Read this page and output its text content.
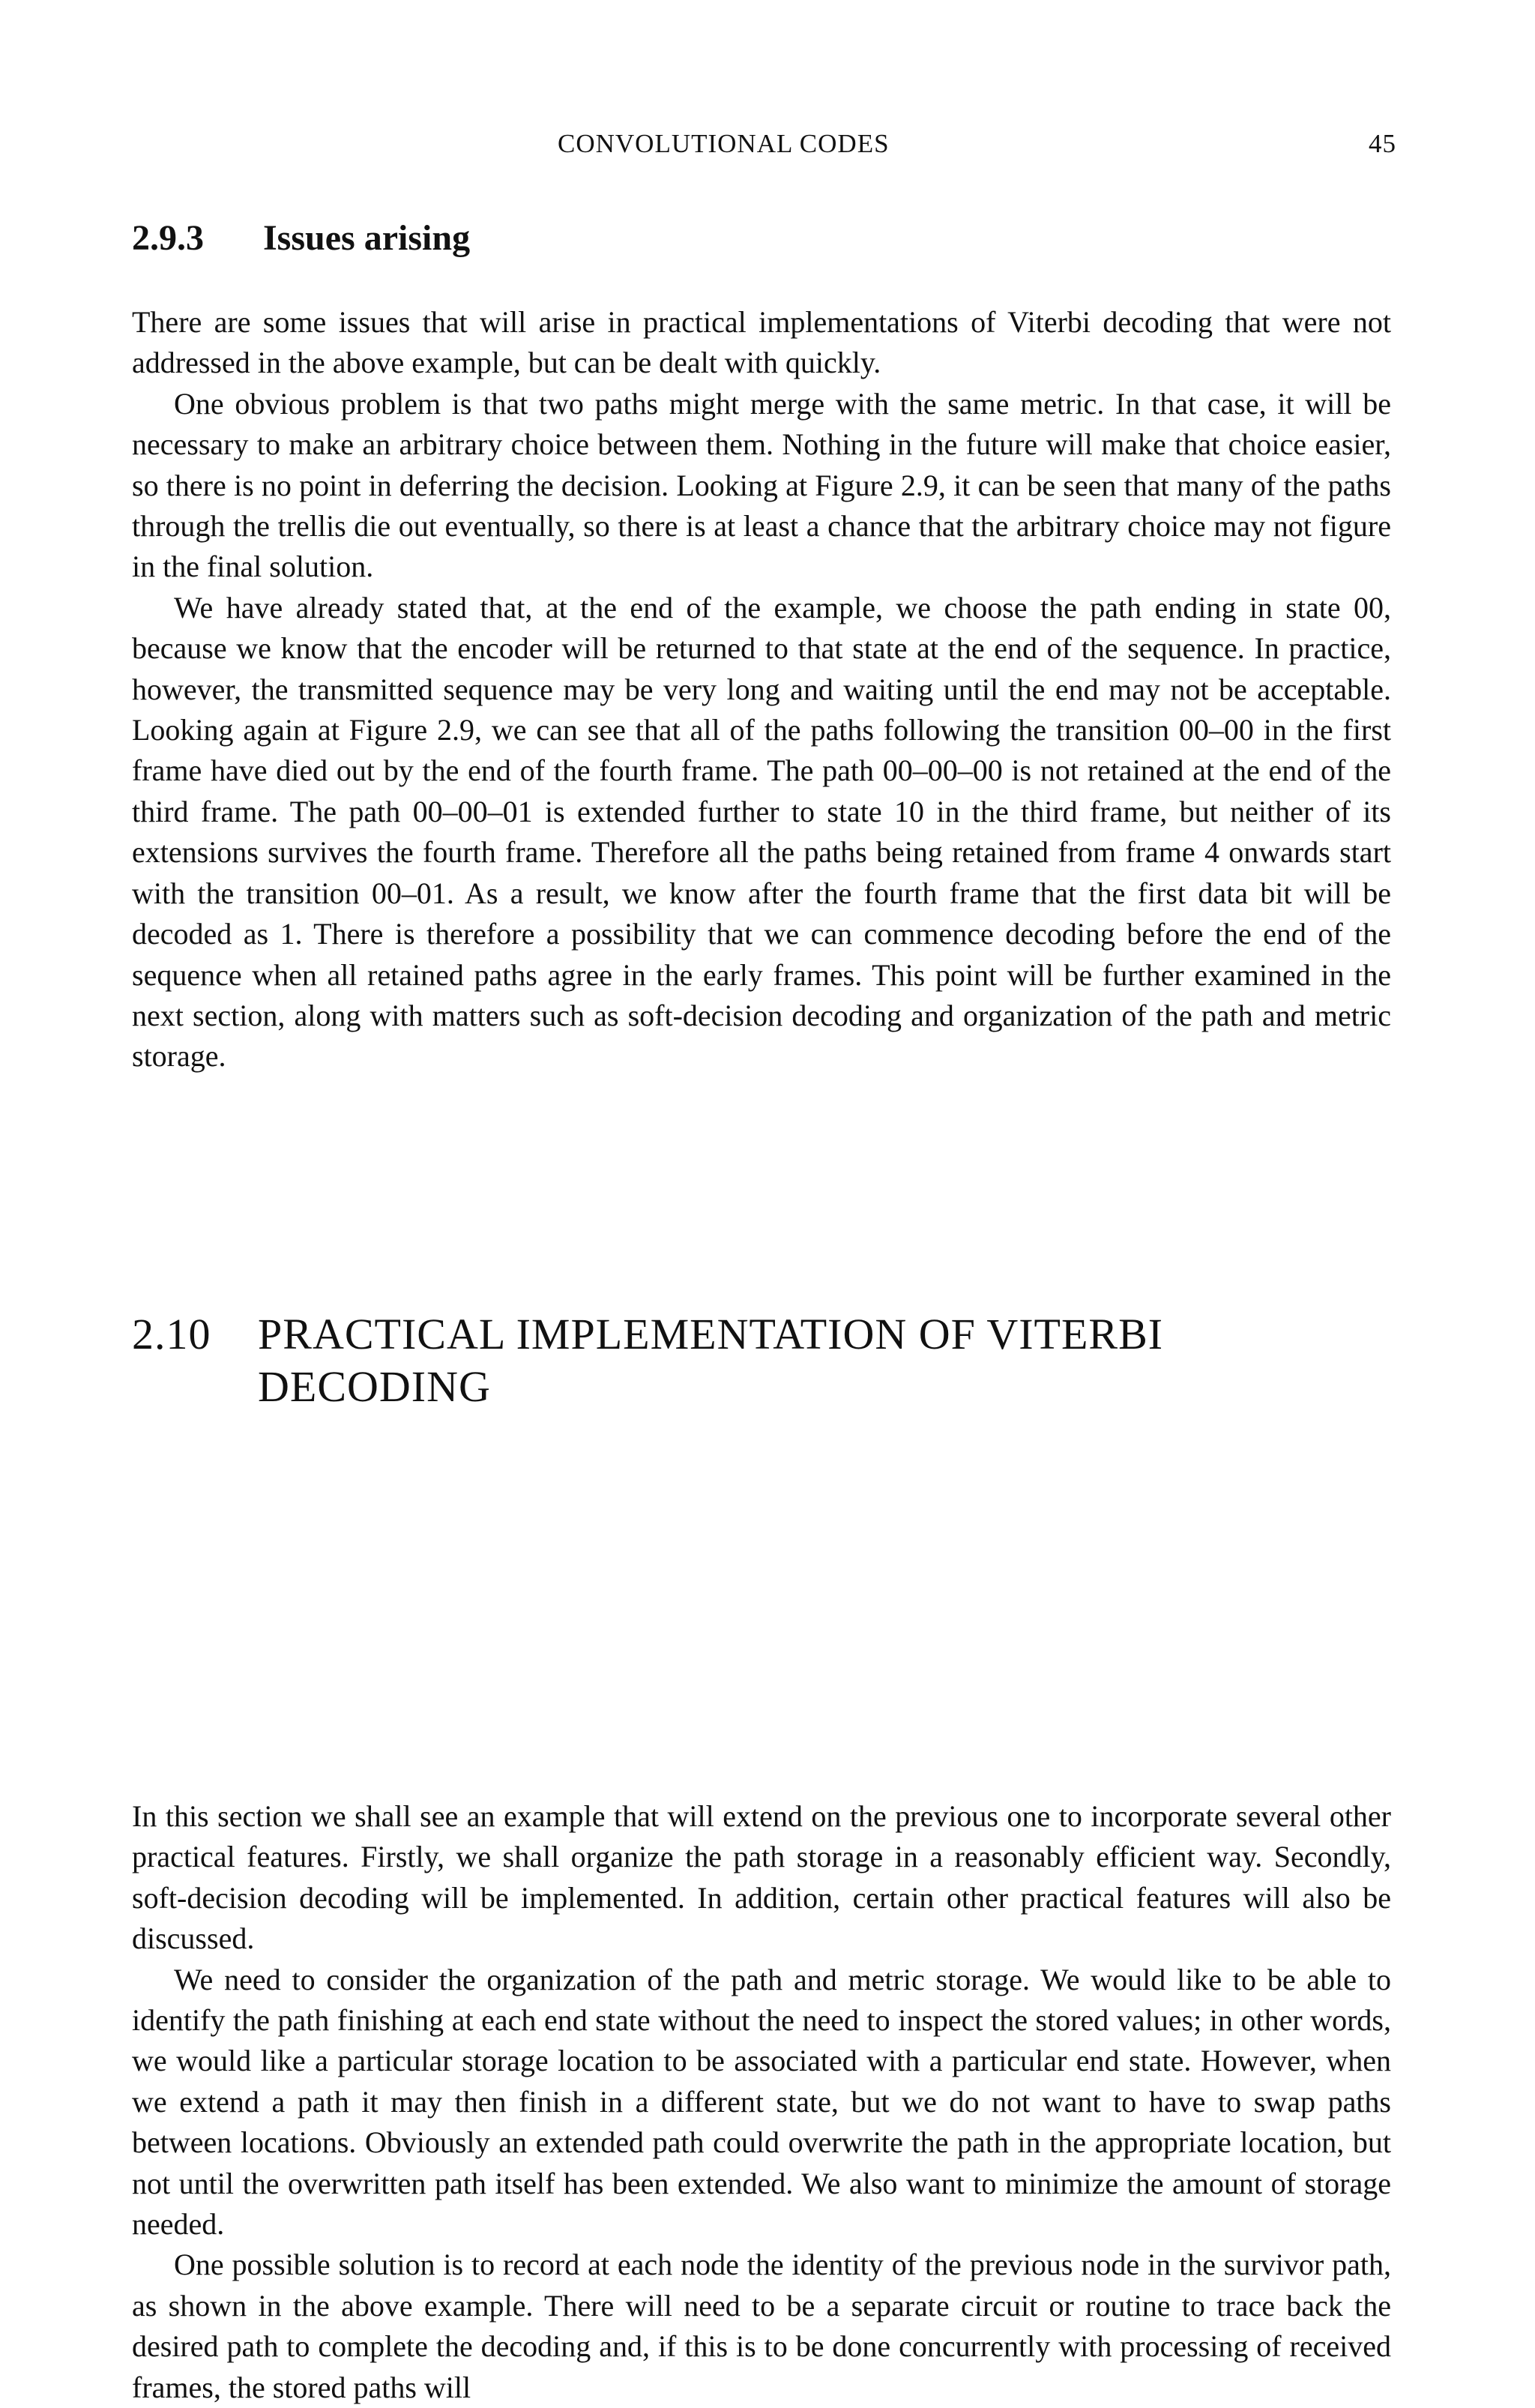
CONVOLUTIONAL CODES	45
2.9.3 Issues arising

There are some issues that will arise in practical implementations of Viterbi decoding that were not addressed in the above example, but can be dealt with quickly.

One obvious problem is that two paths might merge with the same metric. In that case, it will be necessary to make an arbitrary choice between them. Nothing in the future will make that choice easier, so there is no point in deferring the decision. Looking at Figure 2.9, it can be seen that many of the paths through the trellis die out eventually, so there is at least a chance that the arbitrary choice may not figure in the final solution.

We have already stated that, at the end of the example, we choose the path ending in state 00, because we know that the encoder will be returned to that state at the end of the sequence. In practice, however, the transmitted sequence may be very long and waiting until the end may not be acceptable. Looking again at Figure 2.9, we can see that all of the paths following the transition 00–00 in the first frame have died out by the end of the fourth frame. The path 00–00–00 is not retained at the end of the third frame. The path 00–00–01 is extended further to state 10 in the third frame, but neither of its extensions survives the fourth frame. Therefore all the paths being retained from frame 4 onwards start with the transition 00–01. As a result, we know after the fourth frame that the first data bit will be decoded as 1. There is therefore a possibility that we can commence decoding before the end of the sequence when all retained paths agree in the early frames. This point will be further examined in the next section, along with matters such as soft-decision decoding and organization of the path and metric storage.

2.10 PRACTICAL IMPLEMENTATION OF VITERBI DECODING

In this section we shall see an example that will extend on the previous one to incorporate several other practical features. Firstly, we shall organize the path storage in a reasonably efficient way. Secondly, soft-decision decoding will be implemented. In addition, certain other practical features will also be discussed.

We need to consider the organization of the path and metric storage. We would like to be able to identify the path finishing at each end state without the need to inspect the stored values; in other words, we would like a particular storage location to be associated with a particular end state. However, when we extend a path it may then finish in a different state, but we do not want to have to swap paths between locations. Obviously an extended path could overwrite the path in the appropriate location, but not until the overwritten path itself has been extended. We also want to minimize the amount of storage needed.

One possible solution is to record at each node the identity of the previous node in the survivor path, as shown in the above example. There will need to be a separate circuit or routine to trace back the desired path to complete the decoding and, if this is to be done concurrently with processing of received frames, the stored paths will
